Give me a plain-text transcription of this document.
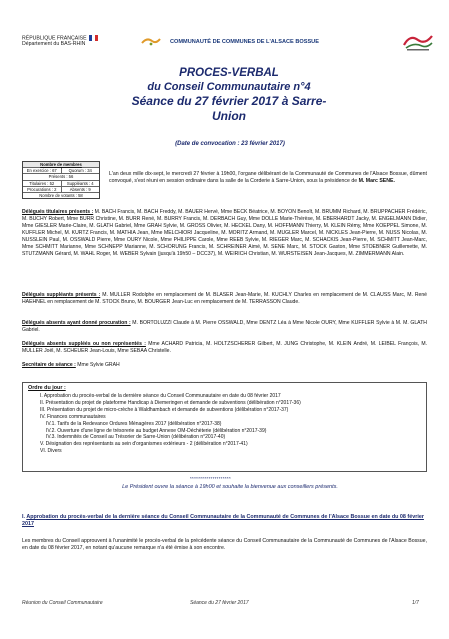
RÉPUBLIQUE FRANÇAISE
Département du BAS-RHIN	COMMUNAUTÉ DE COMMUNES DE L'ALSACE BOSSUE
PROCES-VERBAL
du Conseil Communautaire n°4
Séance du 27 février 2017 à Sarre-Union
(Date de convocation : 23 février 2017)
Nombre de membres
En exercice : 67	Quorum : 34
Présents : 56
Titulaires : 52	Suppléants : 4
Procurations : 2	Absents : 9
Nombre de votants : 58
L'an deux mille dix-sept, le mercredi 27 février à 19h00, l'organe délibérant de la Communauté de Communes de l'Alsace Bossue, dûment convoqué, s'est réuni en session ordinaire dans la salle de la Corderie à Sarre-Union, sous la présidence de M. Marc SENE.
Délégués titulaires présents : M. BACH Francis, M. BACH Freddy, M. BAUER Hervé, Mme BECK Béatrice, M. BOYON Benoît, M. BRUMM Richard, M. BRUPPACHER Frédéric, M. BUCHY Robert, Mme BURR Christine, M. BURR René, M. BURRY Francis, M. DERBACH Guy, Mme DOLLE Marie-Thérèse, M. EBERHARDT Jacky, M. ENGELMANN Didier, Mme GIESLER Marie-Claire, M. GLATH Gabriel, Mme GRAH Sylvie, M. GROSS Olivier, M. HECKEL Dany, M. HOFFMANN Thierry, M. KLEIN Rémy, Mme KOEPPEL Simone, M. KUFFLER Michel, M. KURTZ Francis, M. MATHIA Jean, Mme MELCHIORI Jacqueline, M. MORITZ Armand, M. MUGLER Marcel, M. NICKLES Jean-Pierre, M. NUSS Nicolas, M. NUSSLEIN Paul, M. OSSWALD Pierre, Mme OURY Nicole, Mme PHILIPPE Carole, Mme REEB Sylvie, M. RIEGER Marc, M. SCHACKIS Jean-Pierre, M. SCHMITT Jean-Marc, Mme SCHMITT Marianne, Mme SCHNEPP Marianne, M. SCHORUNG Francis, M. SCHREINER Aimé, M. SENE Marc, M. STOCK Gaston, Mme STOEBNER Guillemette, M. STUTZMANN Gérard, M. WAHL Roger, M. WEBER Sylvain (jusqu'à 19h50 – DCC37), M. WEIRICH Christian, M. WURSTEISEN Jean-Jacques, M. ZIMMERMANN Alain.
Délégués suppléants présents : M. MULLER Rodolphe en remplacement de M. BLASER Jean-Marie, M. KUCHLY Charles en remplacement de M. CLAUSS Marc, M. René HAEHNEL en remplacement de M. STOCK Bruno, M. BOURGER Jean-Luc en remplacement de M. TERRASSON Claude.
Délégués absents ayant donné procuration : M. BORTOLUZZI Claude à M. Pierre OSSWALD, Mme DENTZ Léa à Mme Nicole OURY, Mme KUFFLER Sylvie à M. M. GLATH Gabriel.
Délégués absents suppléés ou non représentés : Mme ACHARD Patricia, M. HOLTZSCHERER Gilbert, M. JUNG Christophe, M. KLEIN André, M. LEIBEL François, M. MULLER Joël, M. SCHEUER Jean-Louis, Mme SEBAA Christelle.
Secrétaire de séance : Mme Sylvie GRAH
Ordre du jour :
I. Approbation du procès-verbal de la dernière séance du Conseil Communautaire en date du 08 février 2017
II. Présentation du projet de plateforme Handicap à Diemeringen et demande de subventions (délibération n°2017-36)
III. Présentation du projet de micro-crèche à Waldhambach et demande de subventions (délibération n°2017-37)
IV. Finances communautaires
IV.1. Tarifs de la Redevance Ordures Ménagères 2017 (délibération n°2017-38)
IV.2. Ouverture d'une ligne de trésorerie au budget Annexe OM-Déchèterie (délibération n°2017-39)
IV.3. Indemnités de Conseil au Trésorier de Sarre-Union (délibération n°2017-40)
V. Désignation des représentants au sein d'organismes extérieurs - 2 (délibération n°2017-41)
VI. Divers
********************
Le Président ouvre la séance à 19h00 et souhaite la bienvenue aux conseillers présents.
I. Approbation du procès-verbal de la dernière séance du Conseil Communautaire de la Communauté de Communes de l'Alsace Bossue en date du 08 février 2017
Les membres du Conseil approuvent à l'unanimité le procès-verbal de la précédente séance du Conseil Communautaire de la Communauté de Communes de l'Alsace Bossue, en date du 08 février 2017, en notant qu'aucune remarque n'a été émise à son encontre.
Réunion du Conseil Communautaire	Séance du 27 février 2017	1/7
